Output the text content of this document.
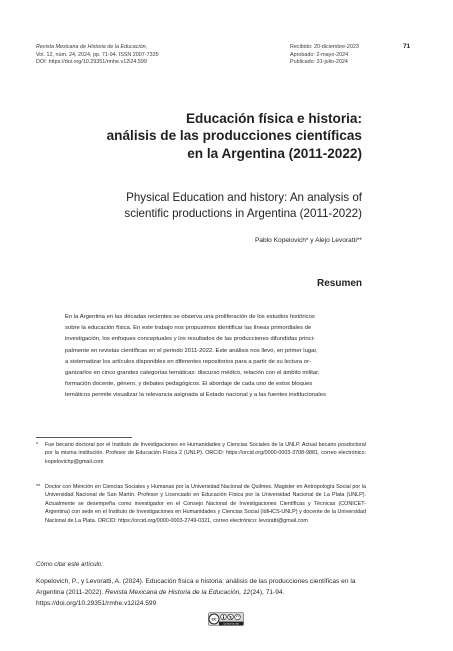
Revista Mexicana de Historia de la Educación,
Vol. 12, núm. 24, 2024, pp. 71-94. ISSN 2007-7335
DOI: https://doi.org/10.29351/rmhe.v12i24.599
Recibido: 20-diciembre-2023
Aprobado: 2-mayo-2024
Publicado: 31-julio-2024
71
Educación física e historia:
análisis de las producciones científicas
en la Argentina (2011-2022)
Physical Education and history: An analysis of
scientific productions in Argentina (2011-2022)
Pablo Kopelovich* y Alejo Levoratti**
Resumen
En la Argentina en las décadas recientes se observa una proliferación de los estudios históricos
sobre la educación física. En este trabajo nos propusimos identificar las líneas primordiales de
investigación, los enfoques conceptuales y los resultados de las producciones difundidas princi-
palmente en revistas científicas en el periodo 2011-2022. Este análisis nos llevó, en primer lugar,
a sistematizar los artículos disponibles en diferentes repositorios para a partir de su lectura or-
ganizarlos en cinco grandes categorías temáticas: discurso médico, relación con el ámbito militar,
formación docente, género, y debates pedagógicos. El abordaje de cada uno de estos bloques
temáticos permite visualizar la relevancia asignada al Estado nacional y a las fuentes institucionales
* Fue becario doctoral por el Instituto de Investigaciones en Humanidades y Ciencias Sociales de la UNLP. Actual becario posdoctoral por la misma institución. Profesor de Educación Física 2 (UNLP). ORCID: https://orcid.org/0000-0003-3708-9881, correo electrónico: kopelovichp@gmail.com
** Doctor con Mención en Ciencias Sociales y Humanas por la Universidad Nacional de Quilmes. Magister en Antropología Social por la Universidad Nacional de San Martín. Profesor y Licenciado en Educación Física por la Universidad Nacional de La Plata (UNLP). Actualmente se desempeña como investigador en el Consejo Nacional de Investigaciones Científicas y Técnicas (CONICET-Argentina) con sede en el Instituto de Investigaciones en Humanidades y Ciencias Social (IdIHCS-UNLP) y docente de la Universidad Nacional de La Plata. ORCID: https://orcid.org/0000-0003-2749-0321, correo electrónico: levoratti@gmail.com
Cómo citar este artículo:
Kopelovich, P., y Levoratti, A. (2024). Educación física e historia: análisis de las producciones científicas en la Argentina (2011-2022). Revista Mexicana de Historia de la Educación, 12(24), 71-94. https://doi.org/10.29351/rmhe.v12i24.599
cc
cc by nc sa
